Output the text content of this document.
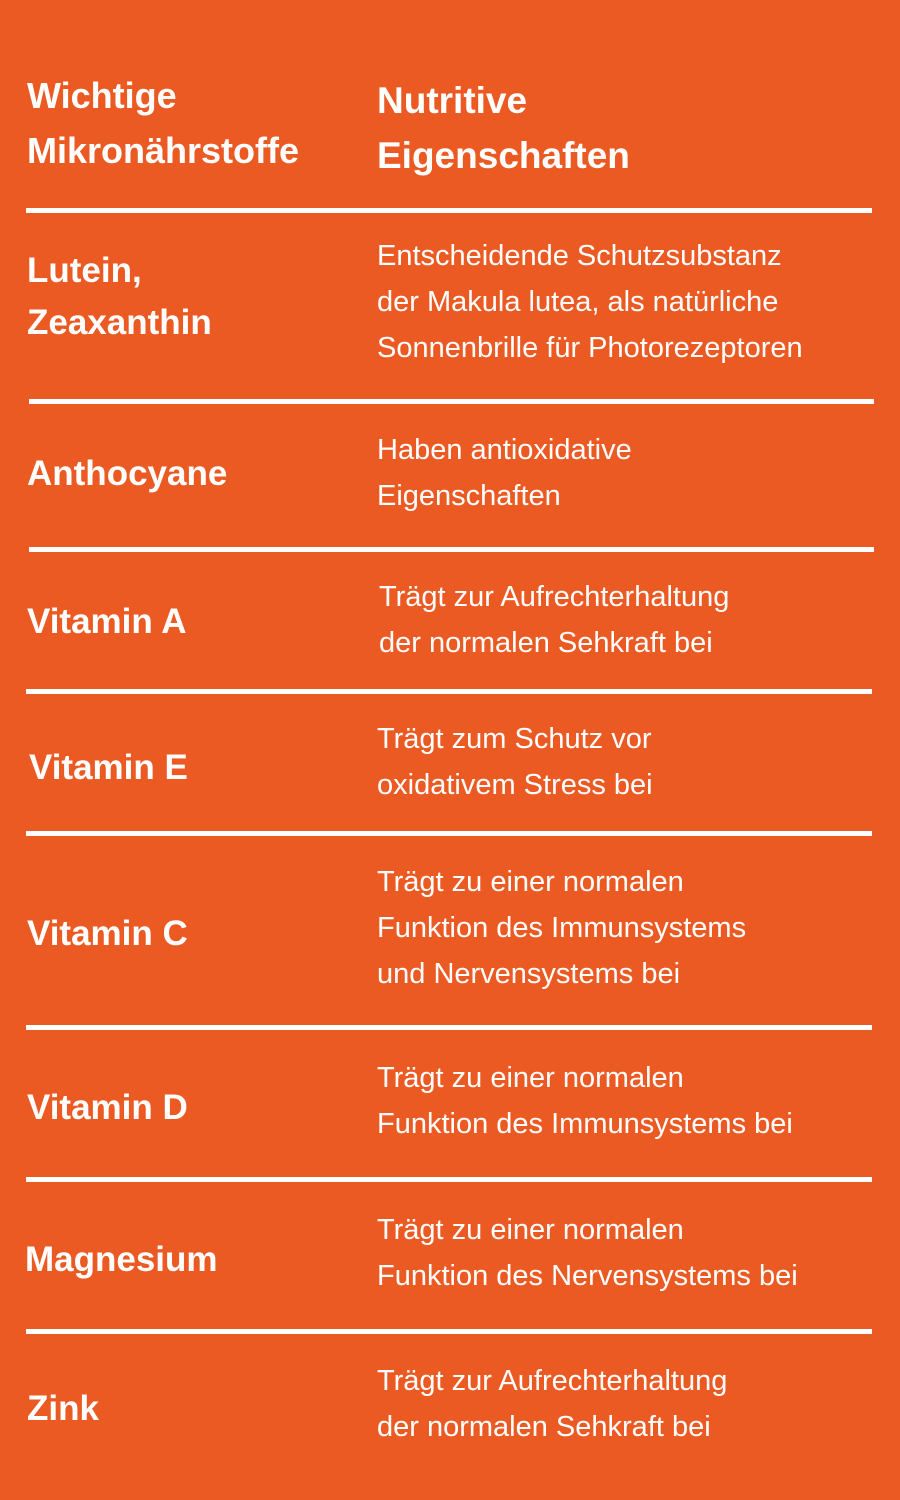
Wichtige
Mikronährstoffe
Nutritive
Eigenschaften
Lutein,
Zeaxanthin
Entscheidende Schutzsubstanz
der Makula lutea, als natürliche
Sonnenbrille für Photorezeptoren
Anthocyane
Haben antioxidative
Eigenschaften
Vitamin A
Trägt zur Aufrechterhaltung
der normalen Sehkraft bei
Vitamin E
Trägt zum Schutz vor
oxidativem Stress bei
Vitamin C
Trägt zu einer normalen
Funktion des Immunsystems
und Nervensystems bei
Vitamin D
Trägt zu einer normalen
Funktion des Immunsystems bei
Magnesium
Trägt zu einer normalen
Funktion des Nervensystems bei
Zink
Trägt zur Aufrechterhaltung
der normalen Sehkraft bei
